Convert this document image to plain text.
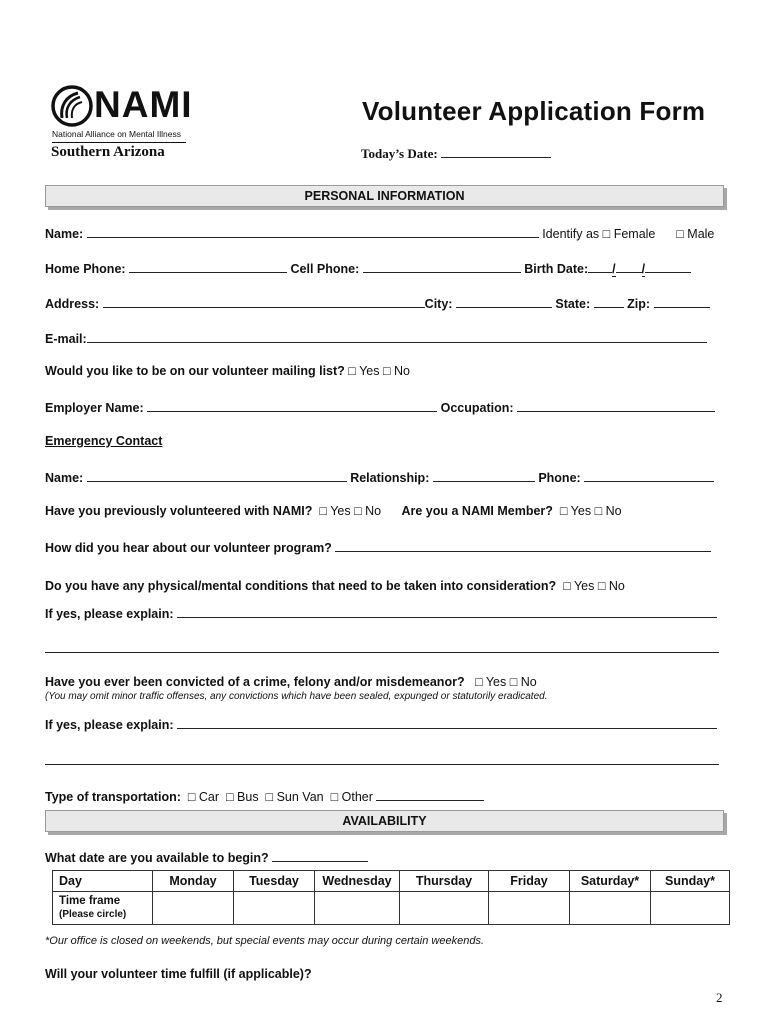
NAMI
National Alliance on Mental Illness
Southern Arizona
Volunteer Application Form
Today’s Date:
PERSONAL INFORMATION
Name:	Identify as □ Female □ Male
Home Phone:	Cell Phone:	Birth Date: / /
Address:	City:	State:	Zip:
E-mail:
Would you like to be on our volunteer mailing list? □ Yes □ No
Employer Name:	Occupation:
Emergency Contact
Name:	Relationship:	Phone:
Have you previously volunteered with NAMI? □ Yes □ No Are you a NAMI Member? □ Yes □ No
How did you hear about our volunteer program?
Do you have any physical/mental conditions that need to be taken into consideration? □ Yes □ No
If yes, please explain:
Have you ever been convicted of a crime, felony and/or misdemeanor? □ Yes □ No
(You may omit minor traffic offenses, any convictions which have been sealed, expunged or statutorily eradicated.
If yes, please explain:
Type of transportation: □ Car □ Bus □ Sun Van □ Other
AVAILABILITY
What date are you available to begin?
Day	Monday	Tuesday	Wednesday	Thursday	Friday	Saturday*	Sunday*

Time frame
(Please circle)							

*Our office is closed on weekends, but special events may occur during certain weekends.
Will your volunteer time fulfill (if applicable)?
2
